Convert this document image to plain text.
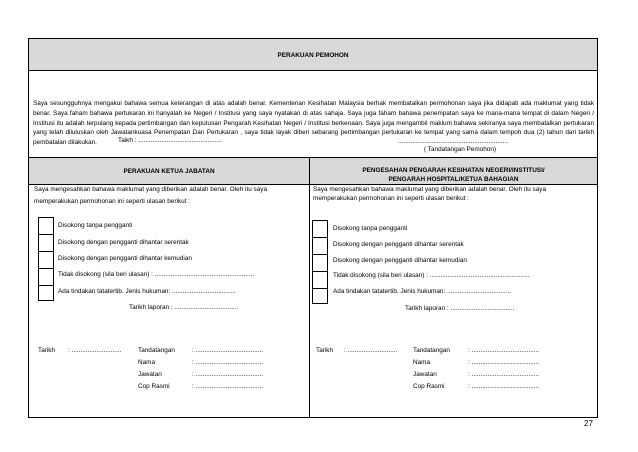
PERAKUAN PEMOHON
Saya sesungguhnya mengakui bahawa semua keterangan di atas adalah benar. Kementerian Kesihatan Malaysia berhak membatalkan permohonan saya jika didapati ada maklumat yang tidak benar. Saya faham bahawa pertukaran ini hanyalah ke Negeri / Institusi yang saya nyatakan di atas sahaja. Saya juga faham bahawa penempatan saya ke mana-mana tempat di dalam Negeri / Institusi itu adalah terpulang kepada pertimbangan dan keputusan Pengarah Kesihatan Negeri / Institusi berkenaan. Saya juga mengambil maklum bahawa sekiranya saya membatalkan pertukaran yang telah diluluskan oleh Jawatankuasa Penempatan Dan Pertukaran , saya tidak layak diberi sebarang pertimbangan pertukaran ke tempat yang sama dalam tempoh dua (2) tahun dari tarikh pembatalan dilakukan.	Taikh : ...............................................	..............................................................
( Tandatangan Pemohon)
PERAKUAN KETUA JABATAN	PENGESAHAN PENGARAH KESIHATAN NEGERI/INSTITUSI/
PENGARAH HOSPITAL/KETUA BAHAGIAN
Saya mengesahkan bahawa maklumat yang diberikan adalah benar. Oleh itu saya
memperakukan permohonan ini seperti ulasan berikut :
Disokong tanpa pengganti
Disokong dengan pengganti dihantar serentak
Disokong dengan pengganti dihantar kemudian
Tidak disokong (sila beri ulasan) : ........................................................
Ada tindakan tatatertib. Jenis hukuman: ....................................
Tarikh laporan : ....................................
Tarikh : ............................	Tandatangan	: ......................................
Nama	: ......................................
Jawatan	: ......................................
Cop Rasmi	: ......................................
Saya mengesahkan bahawa maklumat yang diberikan adalah benar. Oleh itu saya
memperakukan permohonan ini seperti ulasan berikut :
Disokong tanpa pengganti
Disokong dengan pengganti dihantar serentak
Disokong dengan pengganti dihantar kemudian
Tidak disokong (sila beri ulasan) : ........................................................
Ada tindakan tatatertib. Jenis hukuman: ....................................
Tarikh laporan : ....................................
Tarikh : ............................ Tandatangan	: ......................................
Nama	: ......................................
Jawatan	: ......................................
Cop Rasmi	: ......................................
27
